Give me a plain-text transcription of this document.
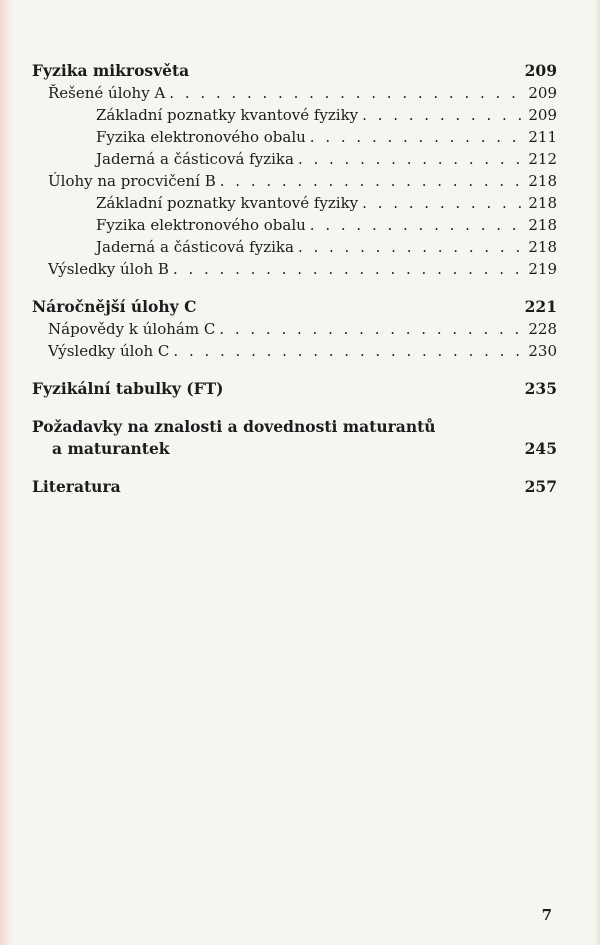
Fyzika mikrosvěta	209
Řešené úlohy A . . .	209
Základní poznatky kvantové fyziky . . .	209
Fyzika elektronového obalu . . .	211
Jaderná a částicová fyzika . . .	212
Úlohy na procvičení B . . .	218
Základní poznatky kvantové fyziky . . .	218
Fyzika elektronového obalu . . .	218
Jaderná a částicová fyzika . . .	218
Výsledky úloh B . . .	219
Náročnější úlohy C	221
Nápovědy k úlohám C . . .	228
Výsledky úloh C . . .	230
Fyzikální tabulky (FT)	235
Požadavky na znalosti a dovednosti maturantů
a maturantek	245
Literatura	257
7
